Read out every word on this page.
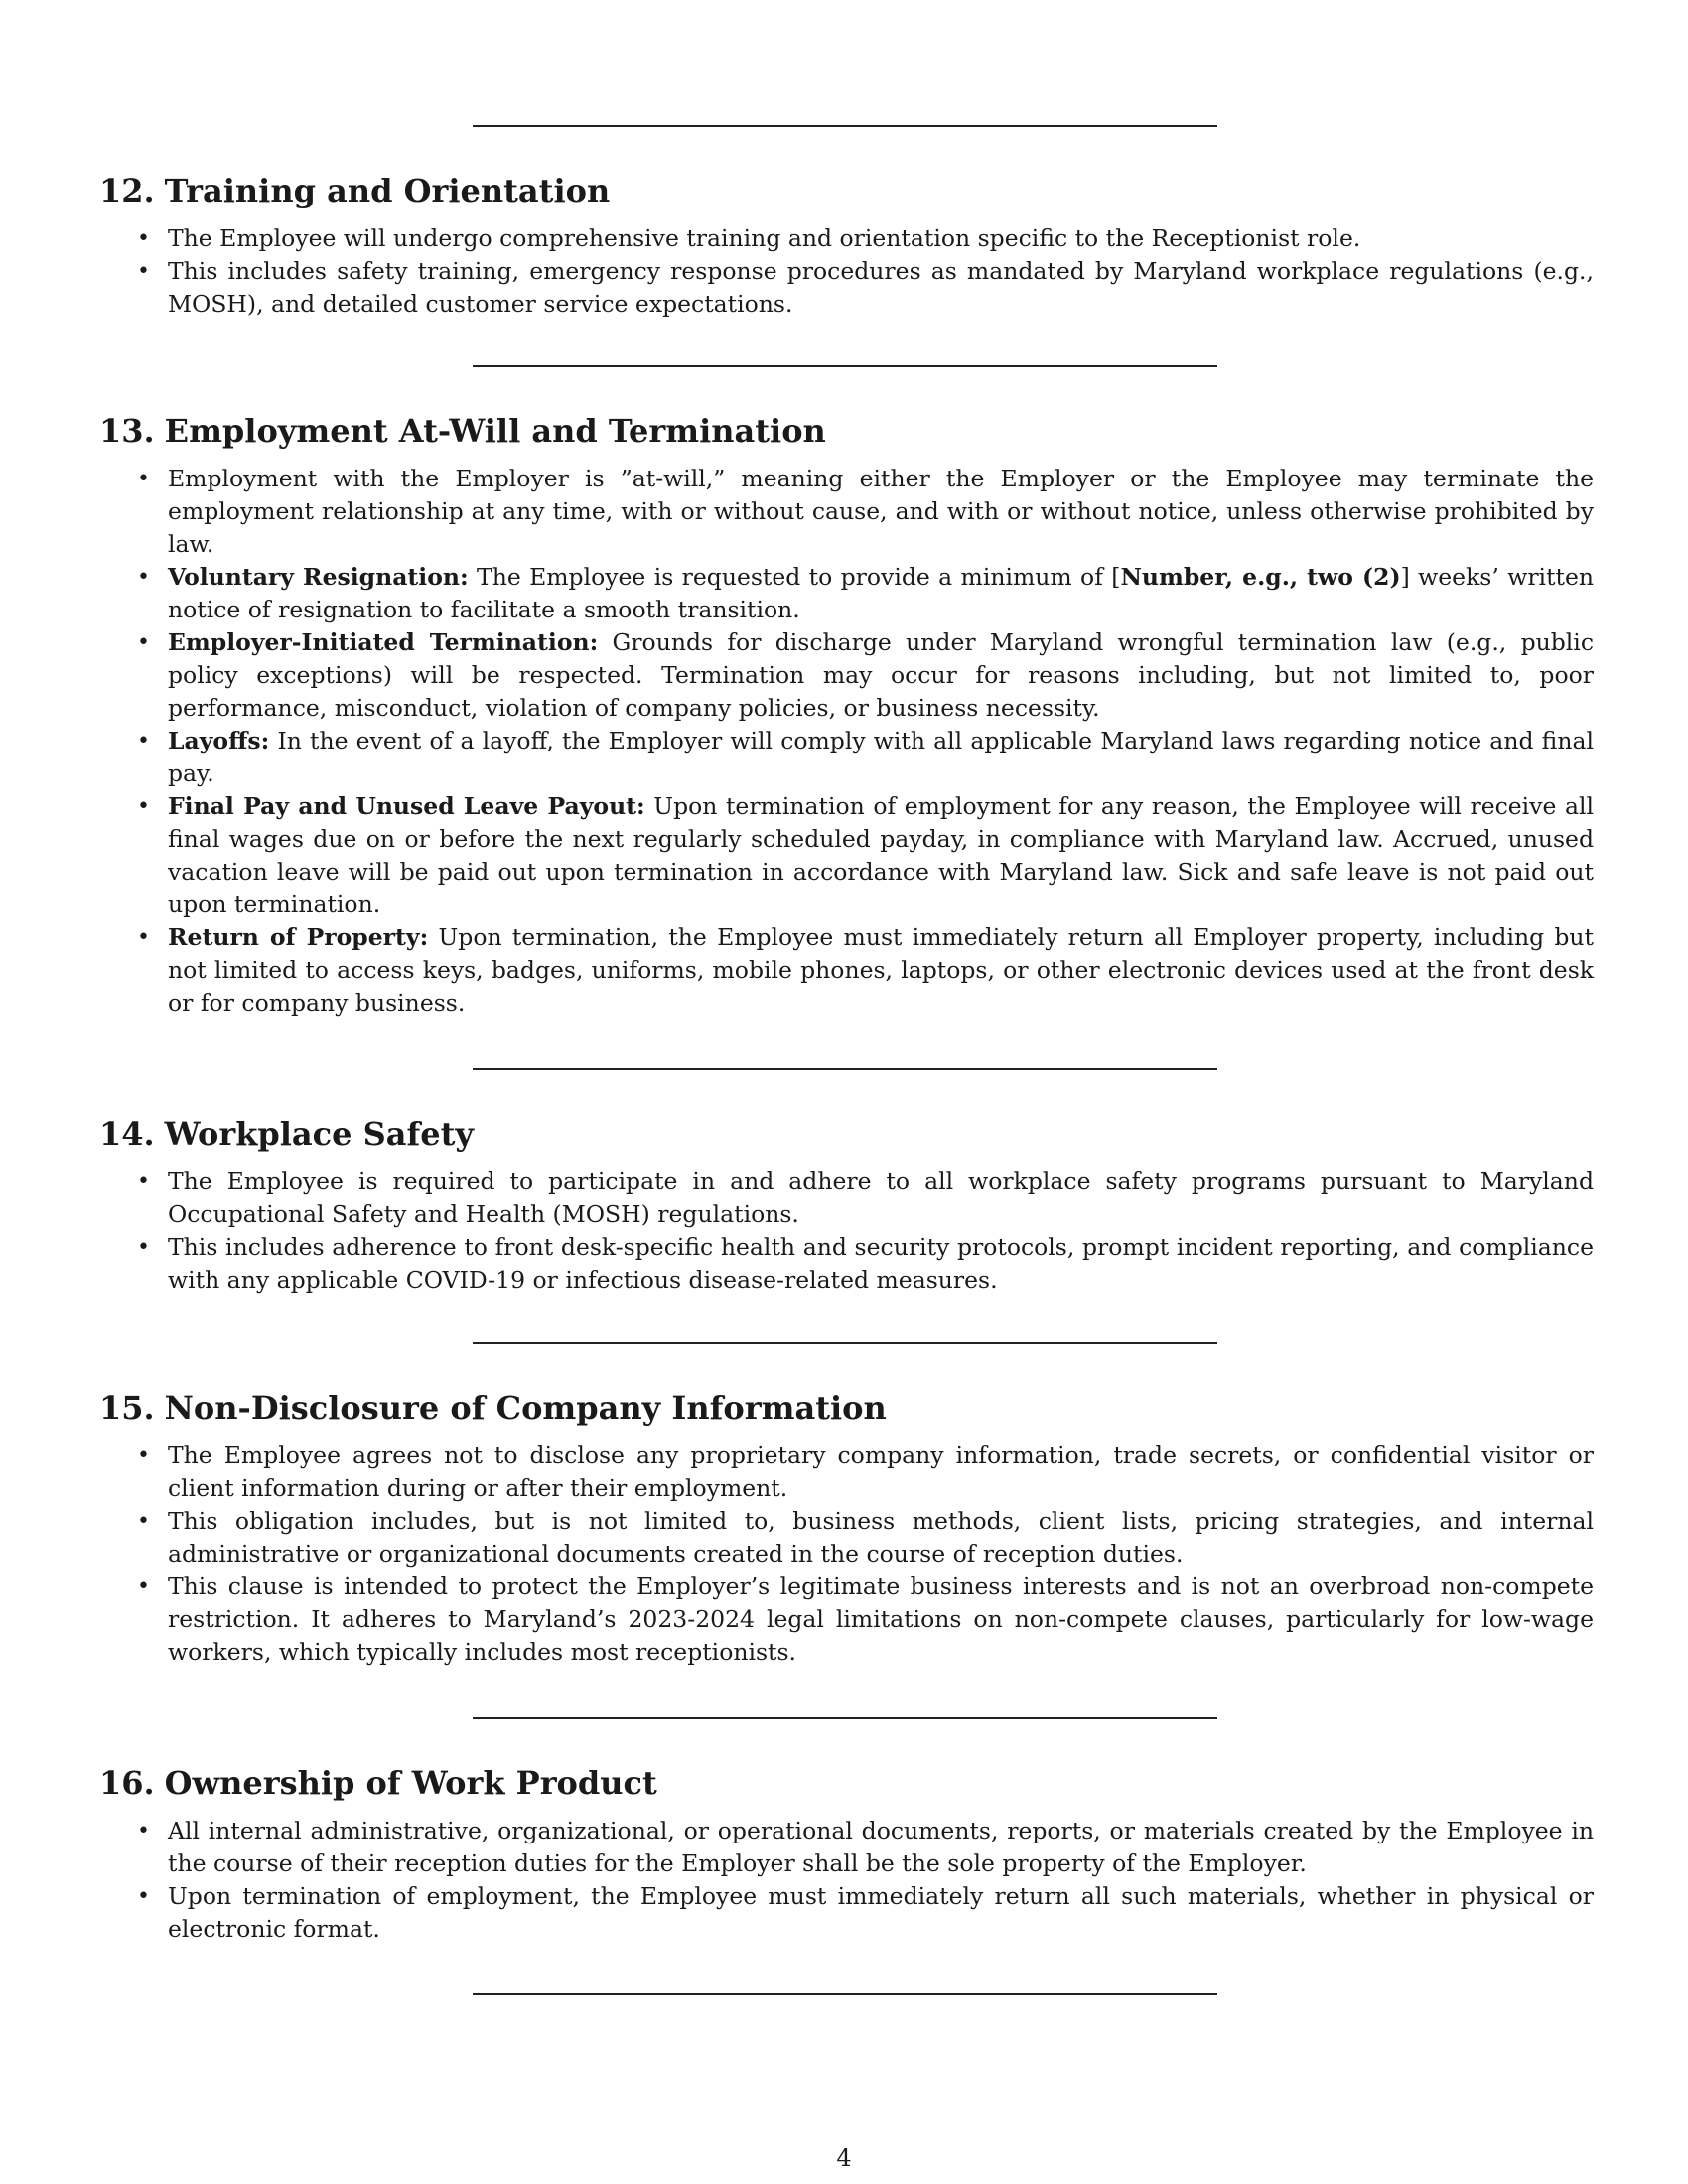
12. Training and Orientation
• The Employee will undergo comprehensive training and orientation specific to the Receptionist role.
• This includes safety training, emergency response procedures as mandated by Maryland workplace regulations (e.g., MOSH), and detailed customer service expectations.
13. Employment At-Will and Termination
• Employment with the Employer is ”at-will,” meaning either the Employer or the Employee may terminate the employment relationship at any time, with or without cause, and with or without notice, unless otherwise prohibited by law.
• Voluntary Resignation: The Employee is requested to provide a minimum of [Number, e.g., two (2)] weeks’ written notice of resignation to facilitate a smooth transition.
• Employer-Initiated Termination: Grounds for discharge under Maryland wrongful termination law (e.g., public policy exceptions) will be respected. Termination may occur for reasons including, but not limited to, poor performance, misconduct, violation of company policies, or business necessity.
• Layoffs: In the event of a layoff, the Employer will comply with all applicable Maryland laws regarding notice and final pay.
• Final Pay and Unused Leave Payout: Upon termination of employment for any reason, the Employee will receive all final wages due on or before the next regularly scheduled payday, in compliance with Maryland law. Accrued, unused vacation leave will be paid out upon termination in accordance with Maryland law. Sick and safe leave is not paid out upon termination.
• Return of Property: Upon termination, the Employee must immediately return all Employer property, including but not limited to access keys, badges, uniforms, mobile phones, laptops, or other electronic devices used at the front desk or for company business.
14. Workplace Safety
• The Employee is required to participate in and adhere to all workplace safety programs pursuant to Maryland Occupational Safety and Health (MOSH) regulations.
• This includes adherence to front desk-specific health and security protocols, prompt incident reporting, and compliance with any applicable COVID-19 or infectious disease-related measures.
15. Non-Disclosure of Company Information
• The Employee agrees not to disclose any proprietary company information, trade secrets, or confidential visitor or client information during or after their employment.
• This obligation includes, but is not limited to, business methods, client lists, pricing strategies, and internal administrative or organizational documents created in the course of reception duties.
• This clause is intended to protect the Employer’s legitimate business interests and is not an overbroad non-compete restriction. It adheres to Maryland’s 2023-2024 legal limitations on non-compete clauses, particularly for low-wage workers, which typically includes most receptionists.
16. Ownership of Work Product
• All internal administrative, organizational, or operational documents, reports, or materials created by the Employee in the course of their reception duties for the Employer shall be the sole property of the Employer.
• Upon termination of employment, the Employee must immediately return all such materials, whether in physical or electronic format.
4
